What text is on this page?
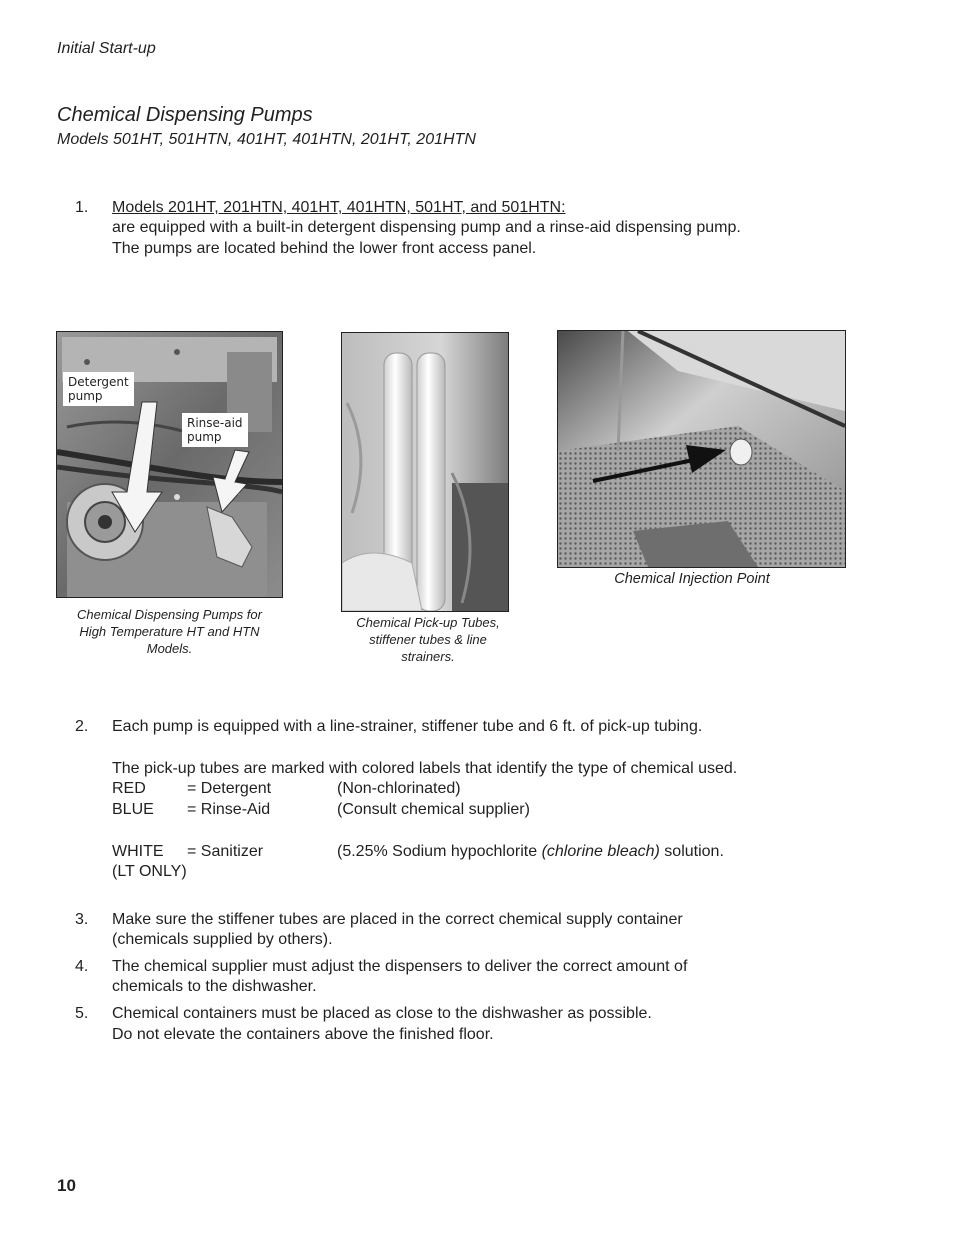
Initial Start-up
Chemical Dispensing Pumps
Models 501HT, 501HTN, 401HT, 401HTN, 201HT, 201HTN
1.	Models 201HT, 201HTN, 401HT, 401HTN, 501HT, and 501HTN:
are equipped with a built-in detergent dispensing pump and a rinse-aid dispensing pump.
The pumps are located behind the lower front access panel.
Detergent
pump
Rinse-aid
pump
Chemical Dispensing Pumps for
High Temperature HT and HTN
Models.
Chemical Pick-up Tubes,
stiffener tubes & line
strainers.
Chemical Injection Point
2.	Each pump is equipped with a line-strainer, stiffener tube and 6 ft. of pick-up tubing.
The pick-up tubes are marked with colored labels that identify the type of chemical used.
RED	= Detergent	(Non-chlorinated)
BLUE = Rinse-Aid	(Consult chemical supplier)
WHITE = Sanitizer	(5.25% Sodium hypochlorite (chlorine bleach) solution.
(LT ONLY)
3.	Make sure the stiffener tubes are placed in the correct chemical supply container
(chemicals supplied by others).
4.	The chemical supplier must adjust the dispensers to deliver the correct amount of
chemicals to the dishwasher.
5.	Chemical containers must be placed as close to the dishwasher as possible.
Do not elevate the containers above the finished floor.
10
